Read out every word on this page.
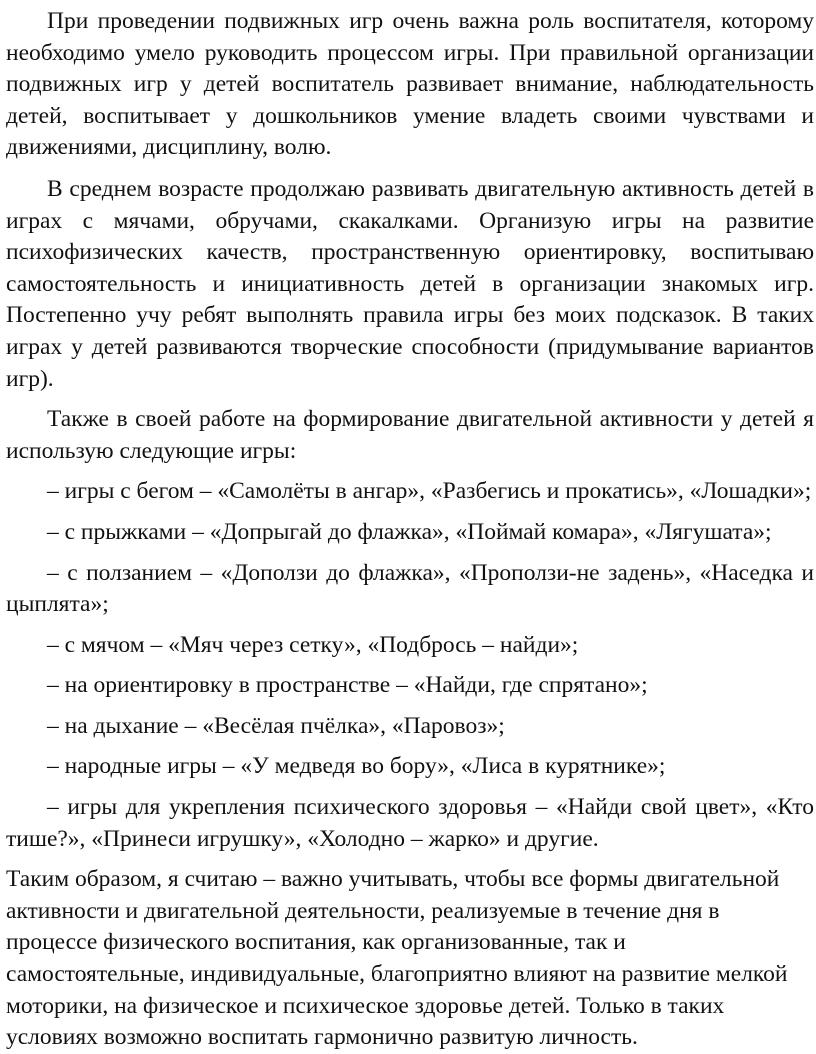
При проведении подвижных игр очень важна роль воспитателя, которому необходимо умело руководить процессом игры. При правильной организации подвижных игр у детей воспитатель развивает внимание, наблюдательность детей, воспитывает у дошкольников умение владеть своими чувствами и движениями, дисциплину, волю.

В среднем возрасте продолжаю развивать двигательную активность детей в играх с мячами, обручами, скакалками. Организую игры на развитие психофизических качеств, пространственную ориентировку, воспитываю самостоятельность и инициативность детей в организации знакомых игр. Постепенно учу ребят выполнять правила игры без моих подсказок. В таких играх у детей развиваются творческие способности (придумывание вариантов игр).

Также в своей работе на формирование двигательной активности у детей я использую следующие игры:

– игры с бегом – «Самолёты в ангар», «Разбегись и прокатись», «Лошадки»;

– с прыжками – «Допрыгай до флажка», «Поймай комара», «Лягушата»;

– с ползанием – «Доползи до флажка», «Проползи-не задень», «Наседка и цыплята»;

– с мячом – «Мяч через сетку», «Подбрось – найди»;

– на ориентировку в пространстве – «Найди, где спрятано»;

– на дыхание – «Весёлая пчёлка», «Паровоз»;

– народные игры – «У медведя во бору», «Лиса в курятнике»;

– игры для укрепления психического здоровья – «Найди свой цвет», «Кто тише?», «Принеси игрушку», «Холодно – жарко» и другие.

Таким образом, я считаю – важно учитывать, чтобы все формы двигательной активности и двигательной деятельности, реализуемые в течение дня в процессе физического воспитания, как организованные, так и самостоятельные, индивидуальные, благоприятно влияют на развитие мелкой моторики, на физическое и психическое здоровье детей. Только в таких условиях возможно воспитать гармонично развитую личность.
